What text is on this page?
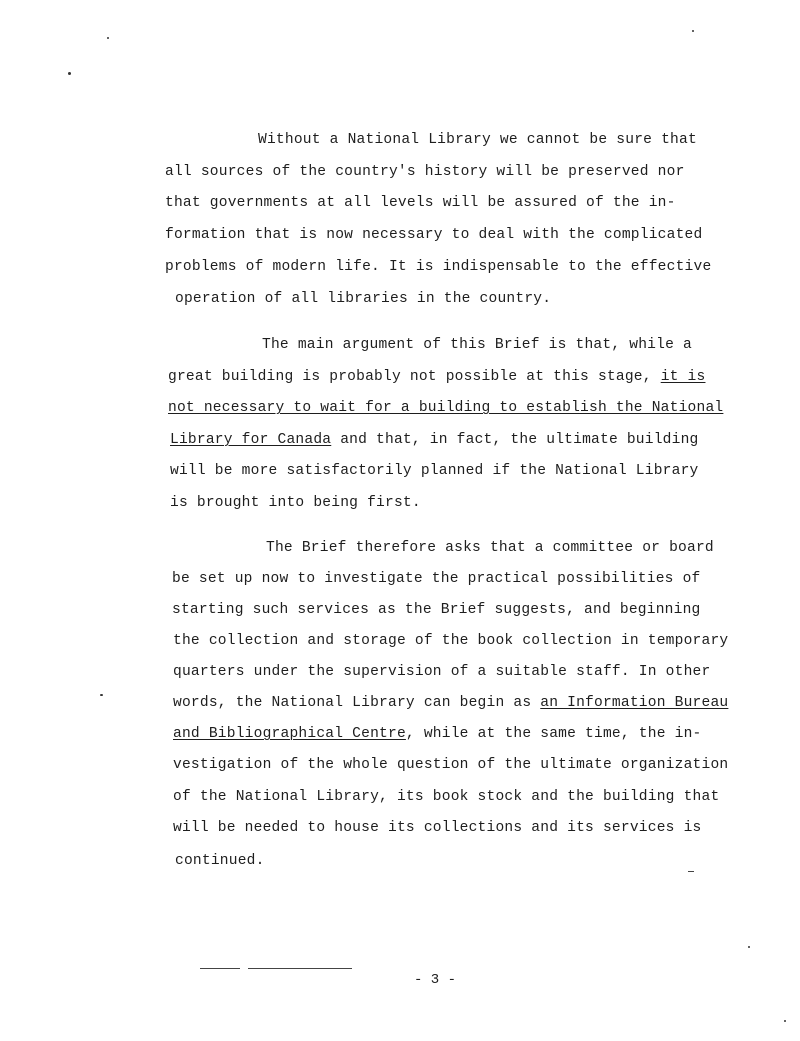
- 3 -
Without a National Library we cannot be sure that
all sources of the country's history will be preserved nor
that governments at all levels will be assured of the in-
formation that is now necessary to deal with the complicated
problems of modern life. It is indispensable to the effective
operation of all libraries in the country.
The main argument of this Brief is that, while a
great building is probably not possible at this stage, it is
not necessary to wait for a building to establish the National
Library for Canada and that, in fact, the ultimate building
will be more satisfactorily planned if the National Library
is brought into being first.
The Brief therefore asks that a committee or board
be set up now to investigate the practical possibilities of
starting such services as the Brief suggests, and beginning
the collection and storage of the book collection in temporary
quarters under the supervision of a suitable staff. In other
words, the National Library can begin as an Information Bureau
and Bibliographical Centre, while at the same time, the in-
vestigation of the whole question of the ultimate organization
of the National Library, its book stock and the building that
will be needed to house its collections and its services is
continued.
